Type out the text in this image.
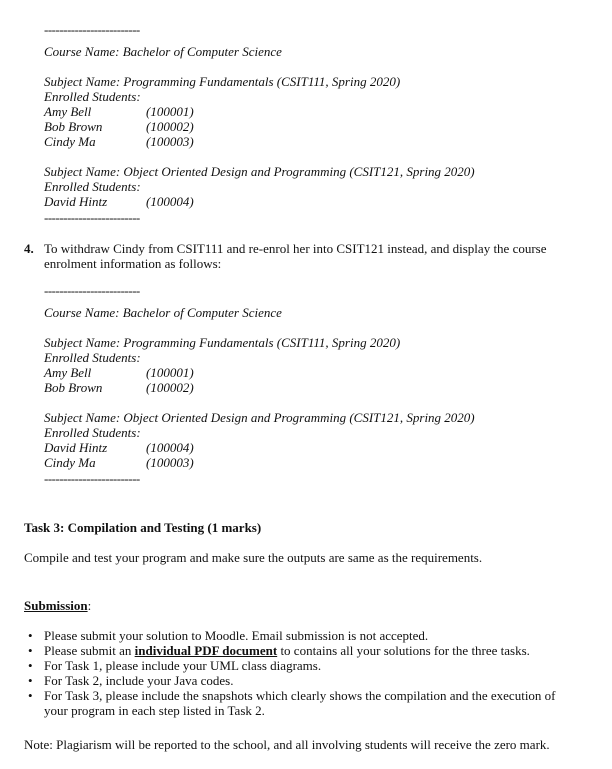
-------------------------
Course Name: Bachelor of Computer Science
Subject Name: Programming Fundamentals (CSIT111, Spring 2020)
Enrolled Students:
Amy Bell	(100001)
Bob Brown	(100002)
Cindy Ma	(100003)
Subject Name: Object Oriented Design and Programming (CSIT121, Spring 2020)
Enrolled Students:
David Hintz	(100004)
-------------------------
4. To withdraw Cindy from CSIT111 and re-enrol her into CSIT121 instead, and display the course
enrolment information as follows:
-------------------------
Course Name: Bachelor of Computer Science
Subject Name: Programming Fundamentals (CSIT111, Spring 2020)
Enrolled Students:
Amy Bell	(100001)
Bob Brown	(100002)
Subject Name: Object Oriented Design and Programming (CSIT121, Spring 2020)
Enrolled Students:
David Hintz	(100004)
Cindy Ma	(100003)
-------------------------
Task 3: Compilation and Testing (1 marks)
Compile and test your program and make sure the outputs are same as the requirements.
Submission:
• Please submit your solution to Moodle. Email submission is not accepted.
• Please submit an individual PDF document to contains all your solutions for the three tasks.
• For Task 1, please include your UML class diagrams.
• For Task 2, include your Java codes.
• For Task 3, please include the snapshots which clearly shows the compilation and the execution of
your program in each step listed in Task 2.
Note: Plagiarism will be reported to the school, and all involving students will receive the zero mark.
